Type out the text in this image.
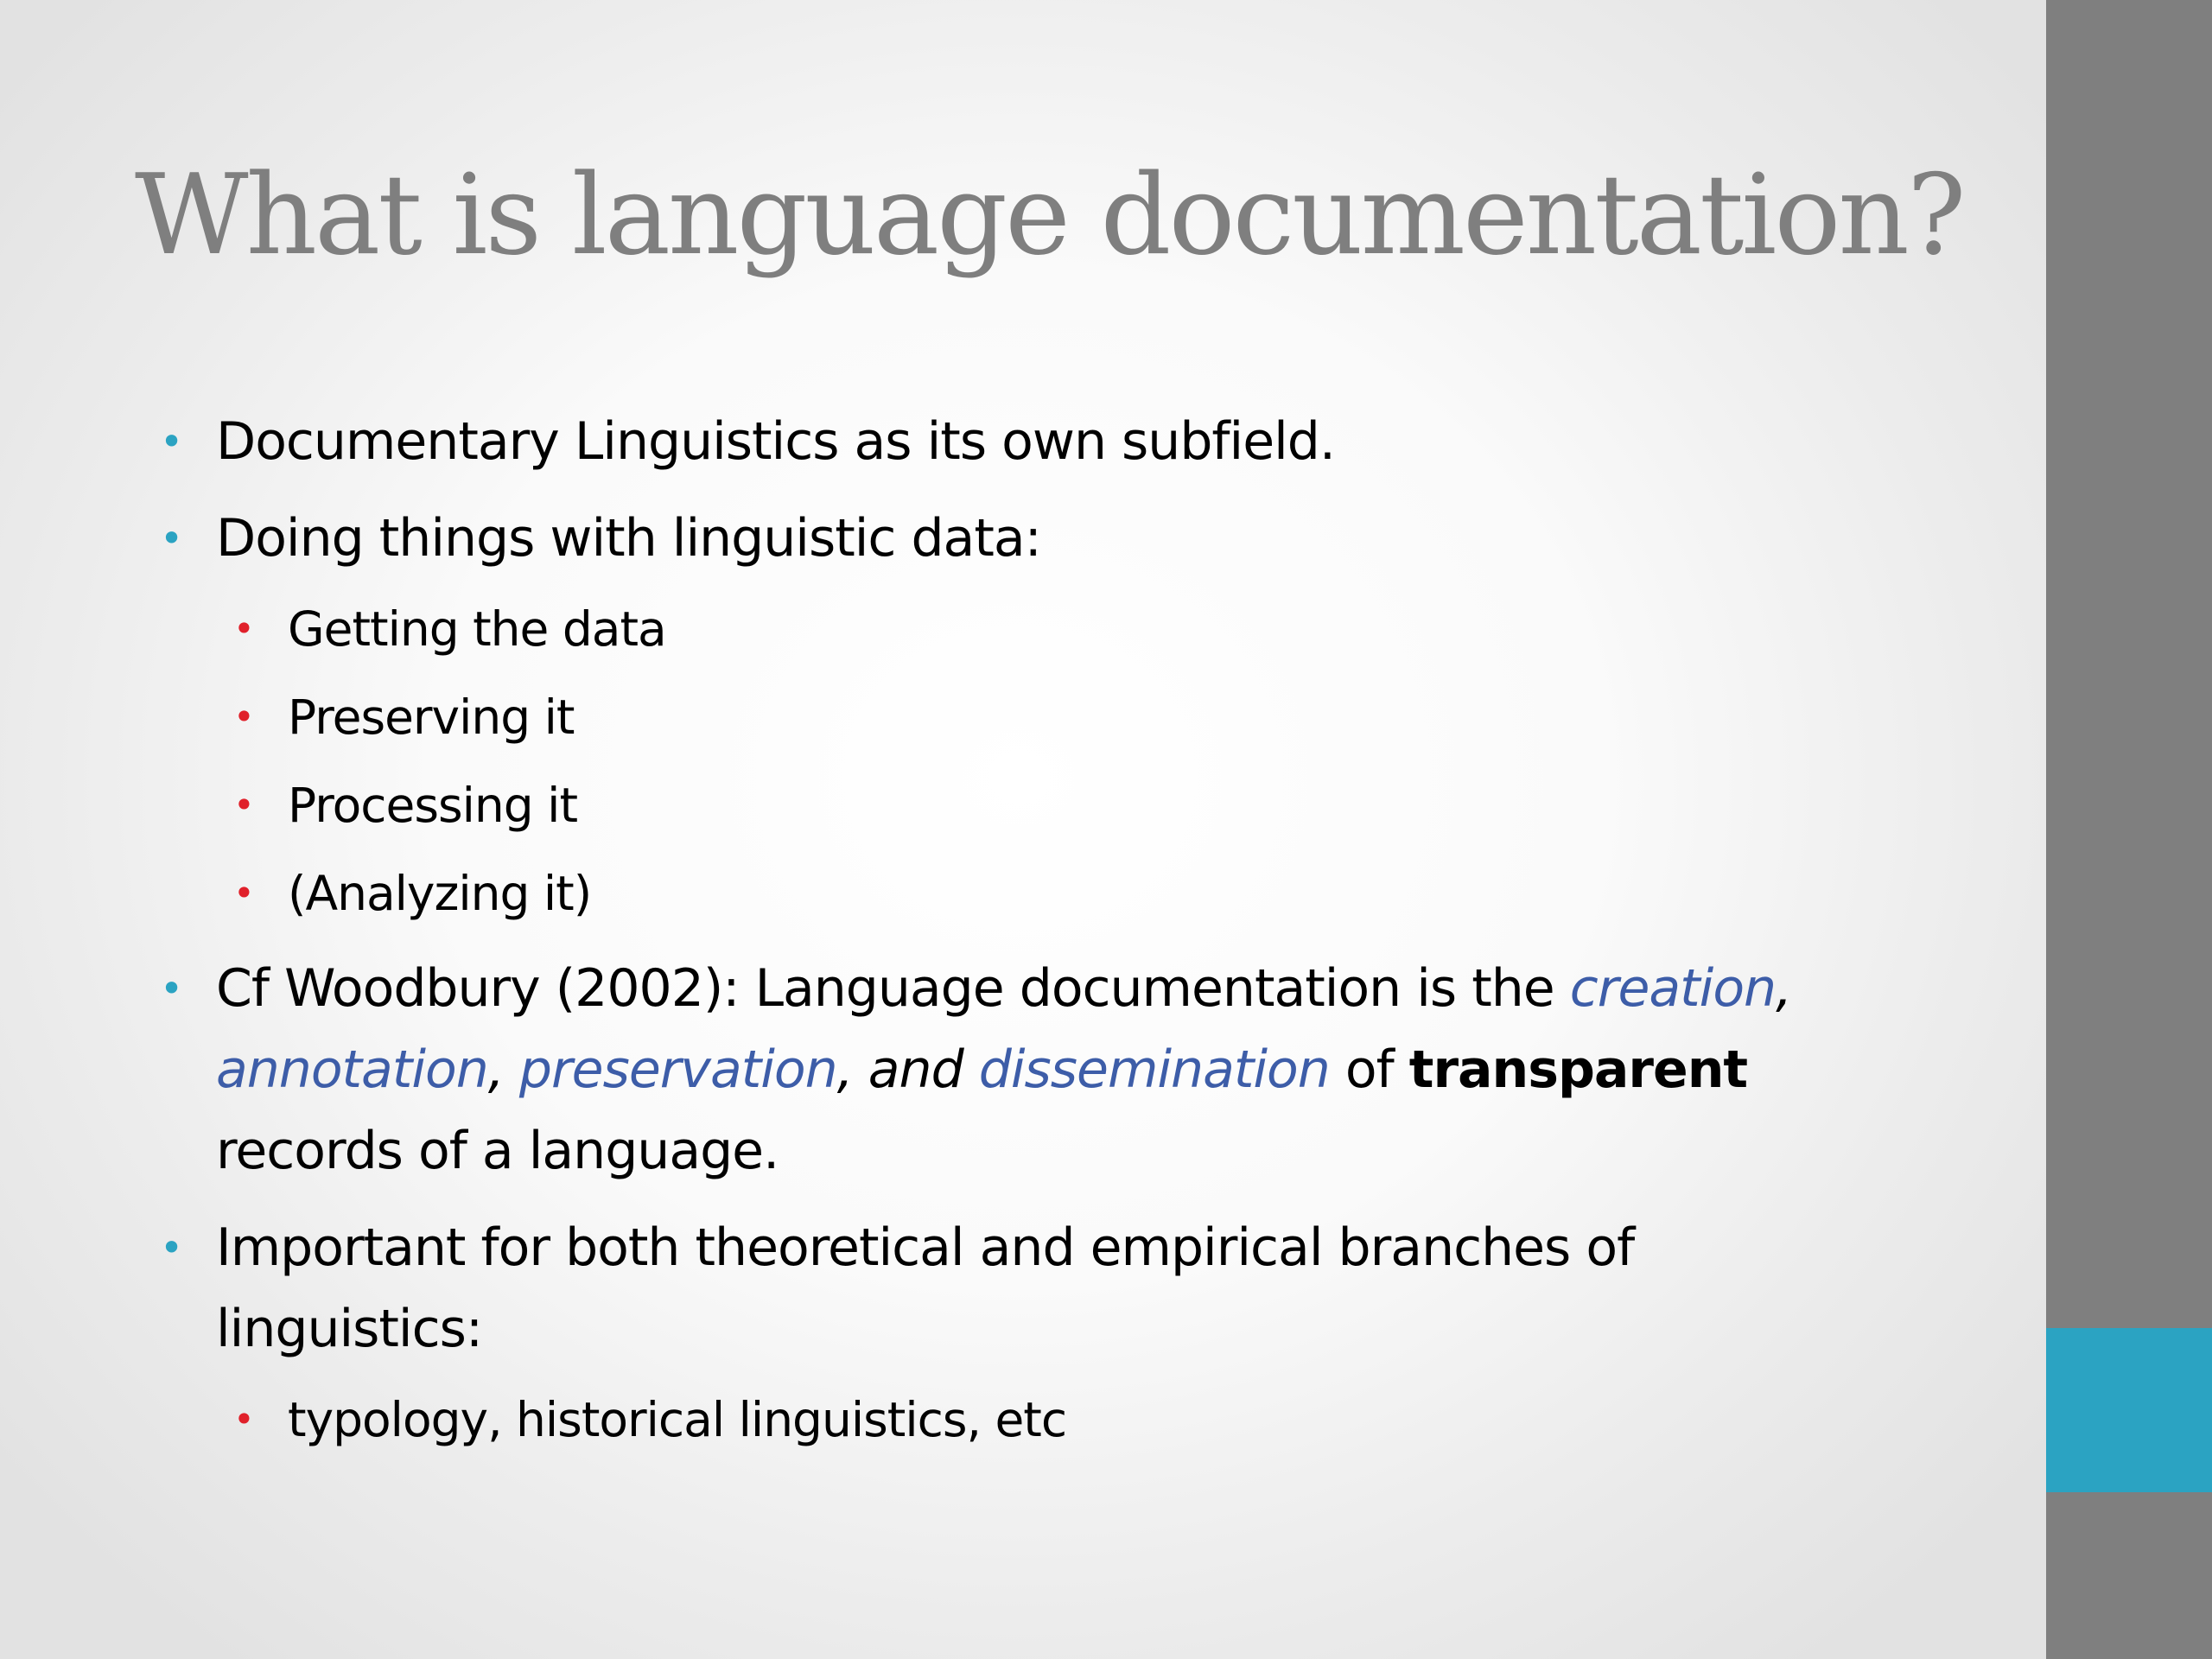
What is language documentation?
• Documentary Linguistics as its own subfield.
• Doing things with linguistic data:
• Getting the data
• Preserving it
• Processing it
• (Analyzing it)
• Cf Woodbury (2002): Language documentation is the creation,
annotation, preservation, and dissemination of transparent
records of a language.
• Important for both theoretical and empirical branches of
linguistics:
• typology, historical linguistics, etc
